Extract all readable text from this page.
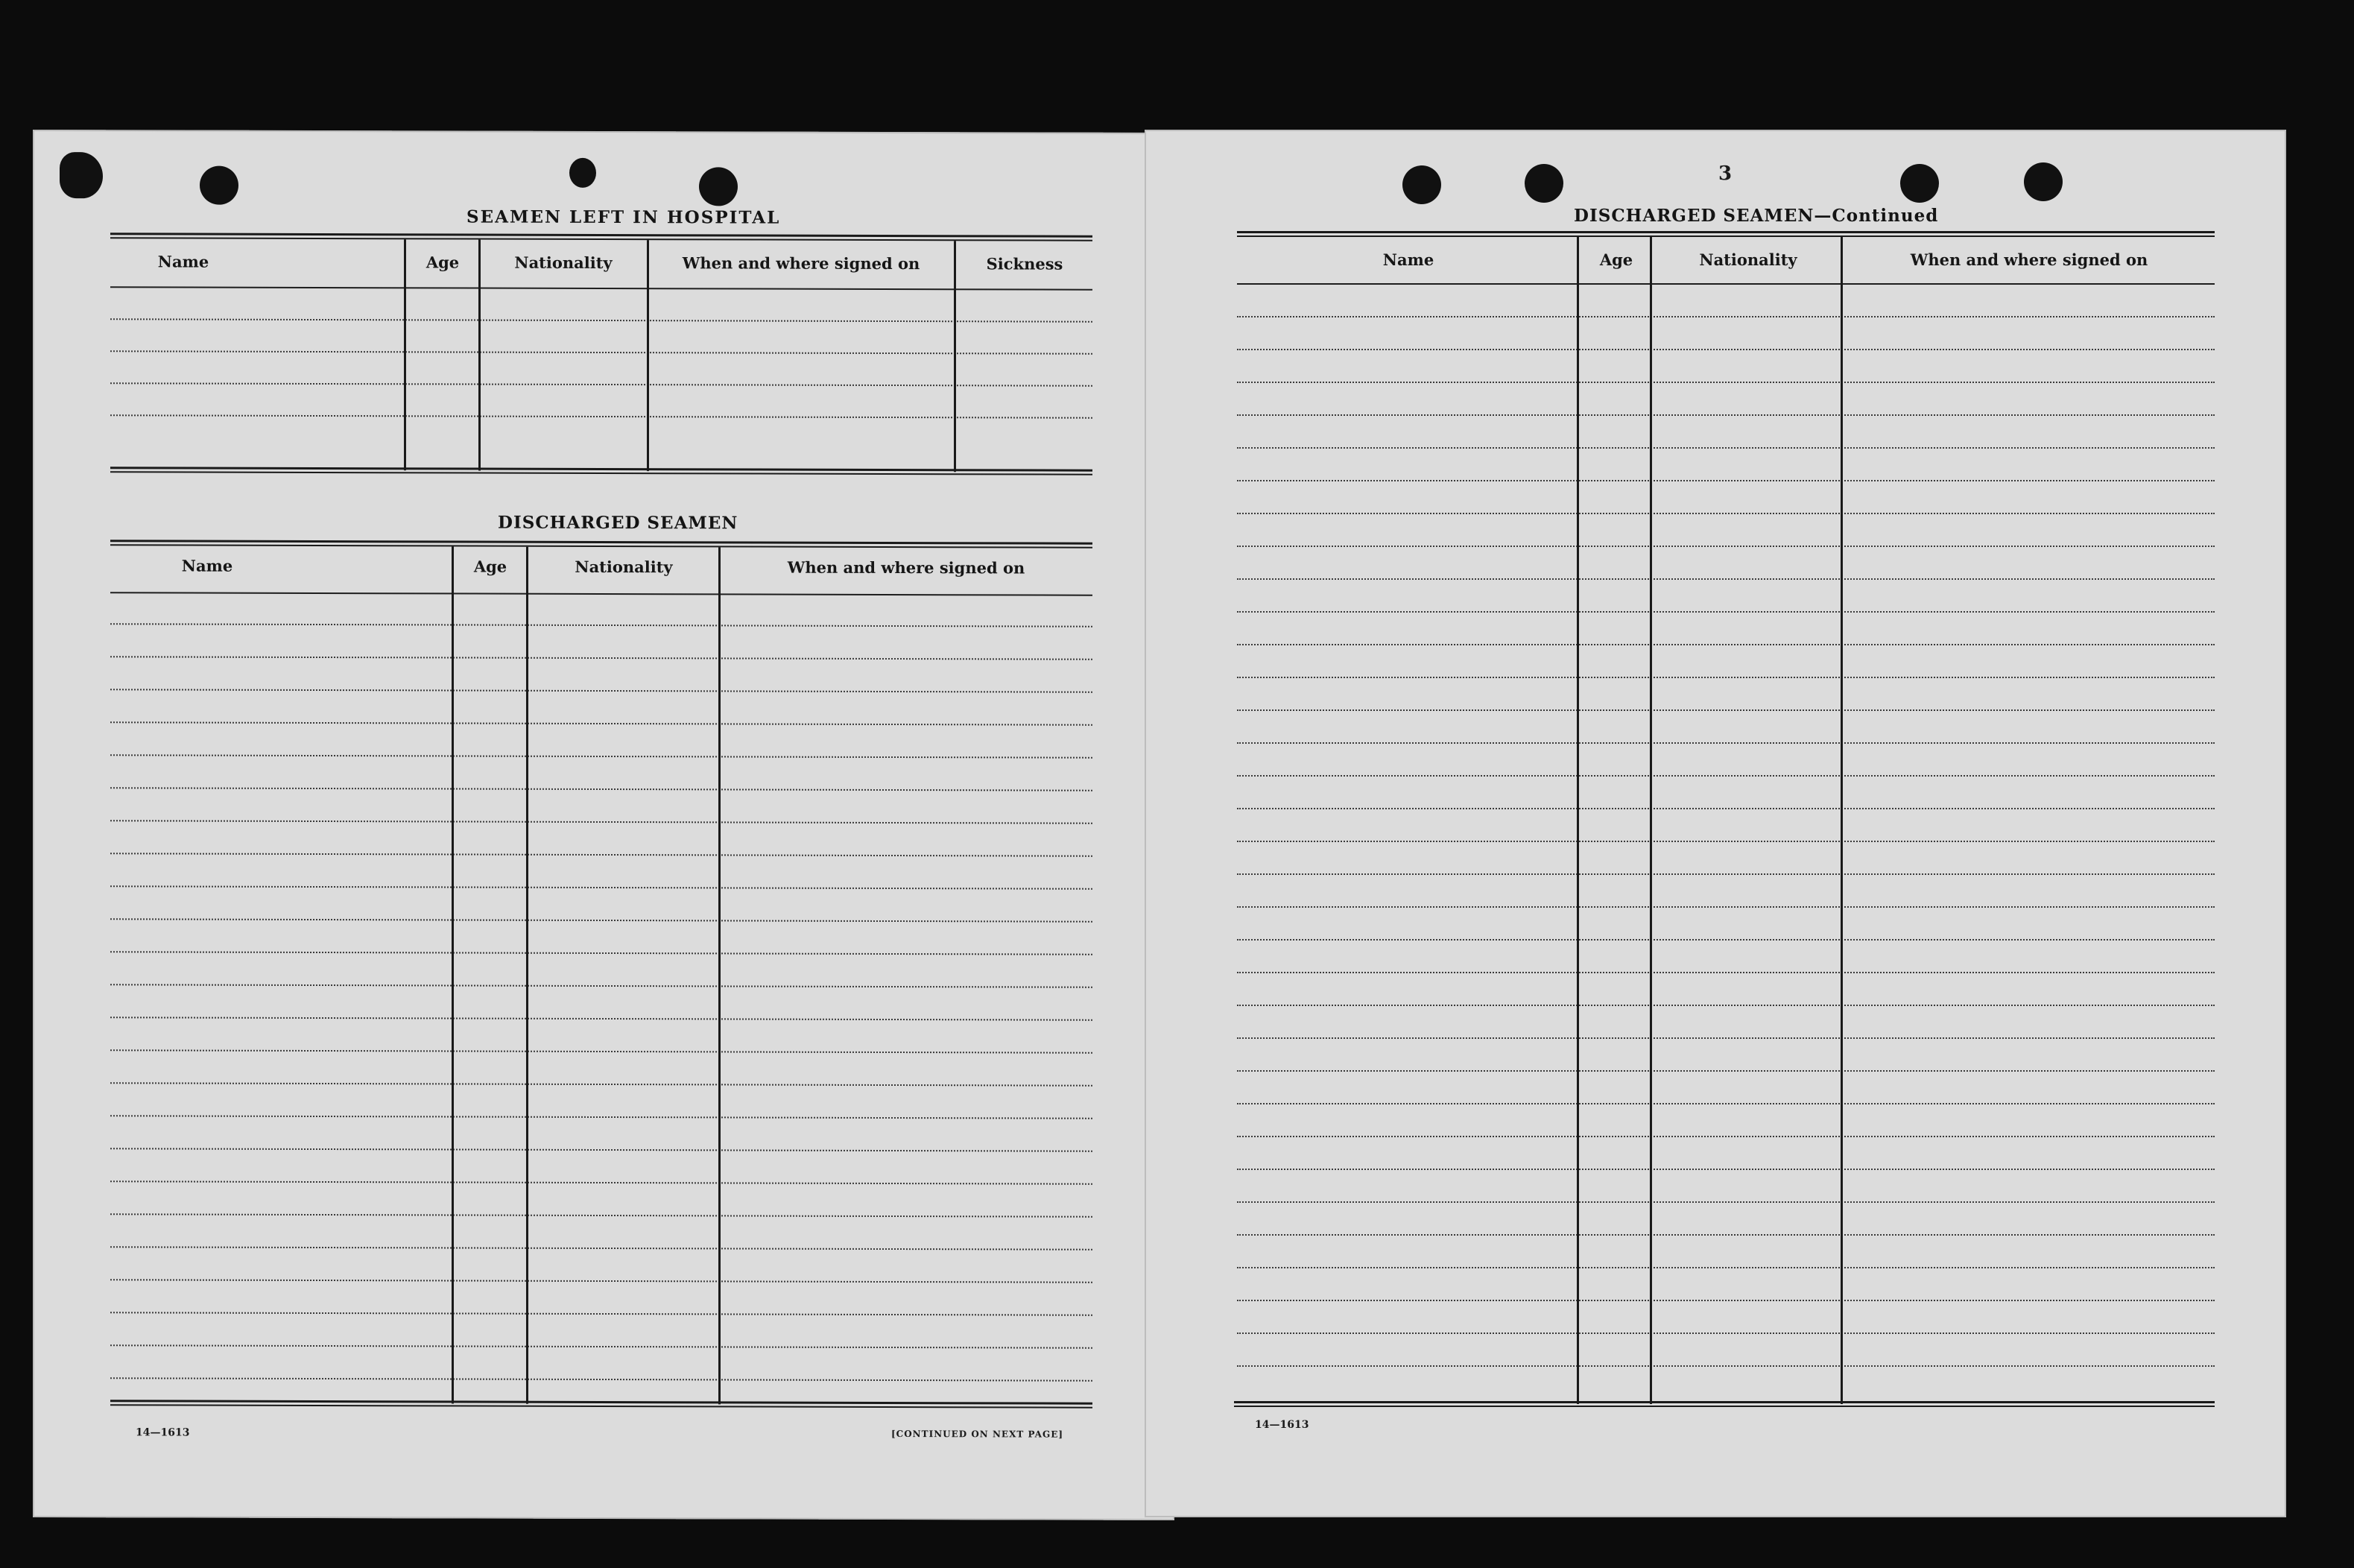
SEAMEN LEFT IN HOSPITAL
Name	Age	Nationality	When and where signed on	Sickness
DISCHARGED SEAMEN
Name	Age	Nationality	When and where signed on
14—1613	[CONTINUED ON NEXT PAGE]
3
DISCHARGED SEAMEN—Continued
Name	Age	Nationality	When and where signed on
14—1613
